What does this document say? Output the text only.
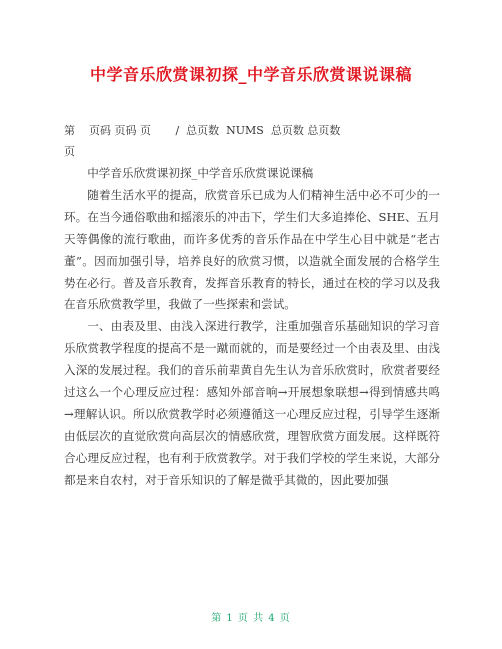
中学音乐欣赏课初探_中学音乐欣赏课说课稿
第    页码 页码 页       /  总页数  NUMS  总页数 总页数
页

中学音乐欣赏课初探_中学音乐欣赏课说课稿

随着生活水平的提高，欣赏音乐已成为人们精神生活中必不可少的一环。在当今通俗歌曲和摇滚乐的冲击下，学生们大多追捧伦、SHE、五月天等偶像的流行歌曲，而许多优秀的音乐作品在中学生心目中就是“老古董”。因而加强引导，培养良好的欣赏习惯，以造就全面发展的合格学生势在必行。普及音乐教育，发挥音乐教育的特长，通过在校的学习以及我在音乐欣赏教学里，我做了一些探索和尝试。

一、由表及里、由浅入深进行教学，注重加强音乐基础知识的学习音乐欣赏教学程度的提高不是一蹴而就的，而是要经过一个由表及里、由浅入深的发展过程。我们的音乐前辈黄自先生认为音乐欣赏时，欣赏者要经过这么一个心理反应过程：感知外部音响→开展想象联想→得到情感共鸣→理解认识。所以欣赏教学时必须遵循这一心理反应过程，引导学生逐渐由低层次的直觉欣赏向高层次的情感欣赏，理智欣赏方面发展。这样既符合心理反应过程，也有利于欣赏教学。对于我们学校的学生来说，大部分都是来自农村，对于音乐知识的了解是微乎其微的，因此要加强

第 1 页 共 4 页
